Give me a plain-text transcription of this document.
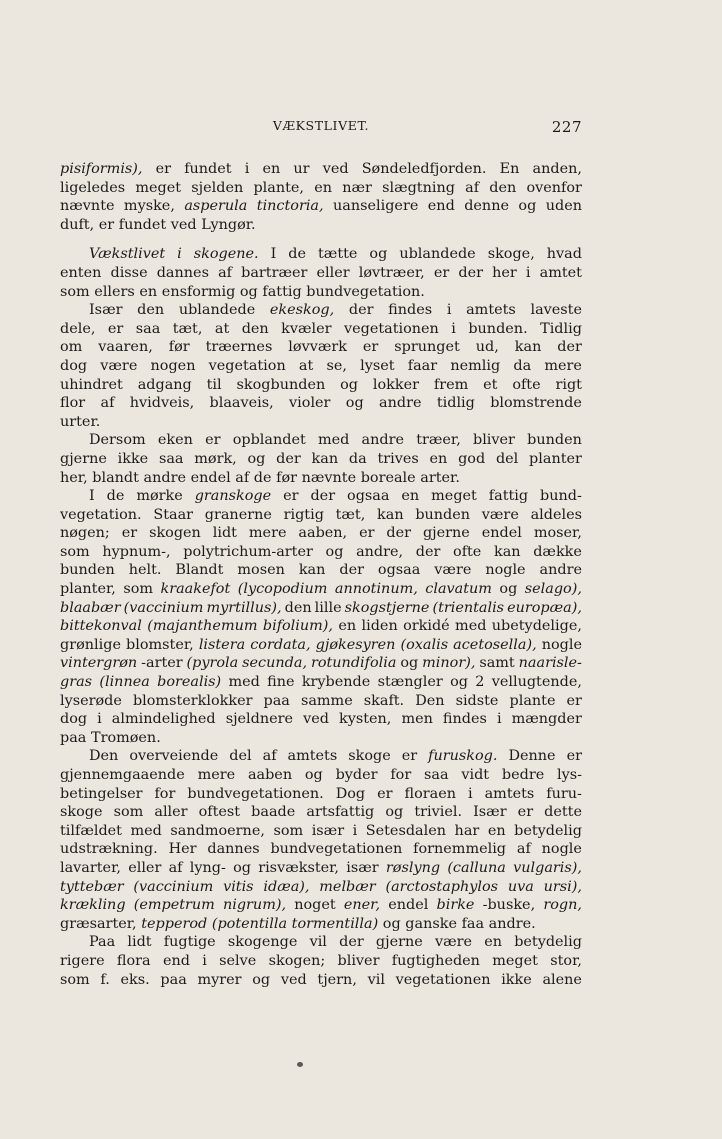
VÆKSTLIVET.	227
pisiformis), er fundet i en ur ved Søndeledfjorden. En anden,
ligeledes meget sjelden plante, en nær slægtning af den ovenfor
nævnte myske, asperula tinctoria, uanseligere end denne og uden
duft, er fundet ved Lyngør.
Vækstlivet i skogene. I de tætte og ublandede skoge, hvad
enten disse dannes af bartræer eller løvtræer, er der her i amtet
som ellers en ensformig og fattig bundvegetation.
Især den ublandede ekeskog, der findes i amtets laveste
dele, er saa tæt, at den kvæler vegetationen i bunden. Tidlig
om vaaren, før træernes løvværk er sprunget ud, kan der
dog være nogen vegetation at se, lyset faar nemlig da mere
uhindret adgang til skogbunden og lokker frem et ofte rigt
flor af hvidveis, blaaveis, violer og andre tidlig blomstrende
urter.
Dersom eken er opblandet med andre træer, bliver bunden
gjerne ikke saa mørk, og der kan da trives en god del planter
her, blandt andre endel af de før nævnte boreale arter.
I de mørke granskoge er der ogsaa en meget fattig bund-
vegetation. Staar granerne rigtig tæt, kan bunden være aldeles
nøgen; er skogen lidt mere aaben, er der gjerne endel moser,
som hypnum-, polytrichum-arter og andre, der ofte kan dække
bunden helt. Blandt mosen kan der ogsaa være nogle andre
planter, som kraakefot (lycopodium annotinum, clavatum og selago),
blaabær (vaccinium myrtillus), den lille skogstjerne (trientalis europæa),
bittekonval (majanthemum bifolium), en liden orkidé med ubetydelige,
grønlige blomster, listera cordata, gjøkesyren (oxalis acetosella), nogle
vintergrøn -arter (pyrola secunda, rotundifolia og minor), samt naarisle-
gras (linnea borealis) med fine krybende stængler og 2 vellugtende,
lyserøde blomsterklokker paa samme skaft. Den sidste plante er
dog i almindelighed sjeldnere ved kysten, men findes i mængder
paa Tromøen.
Den overveiende del af amtets skoge er furuskog. Denne er
gjennemgaaende mere aaben og byder for saa vidt bedre lys-
betingelser for bundvegetationen. Dog er floraen i amtets furu-
skoge som aller oftest baade artsfattig og triviel. Især er dette
tilfældet med sandmoerne, som især i Setesdalen har en betydelig
udstrækning. Her dannes bundvegetationen fornemmelig af nogle
lavarter, eller af lyng- og risvækster, især røslyng (calluna vulgaris),
tyttebær (vaccinium vitis idæa), melbær (arctostaphylos uva ursi),
krækling (empetrum nigrum), noget ener, endel birke -buske, rogn,
græsarter, tepperod (potentilla tormentilla) og ganske faa andre.
Paa lidt fugtige skogenge vil der gjerne være en betydelig
rigere flora end i selve skogen; bliver fugtigheden meget stor,
som f. eks. paa myrer og ved tjern, vil vegetationen ikke alene
